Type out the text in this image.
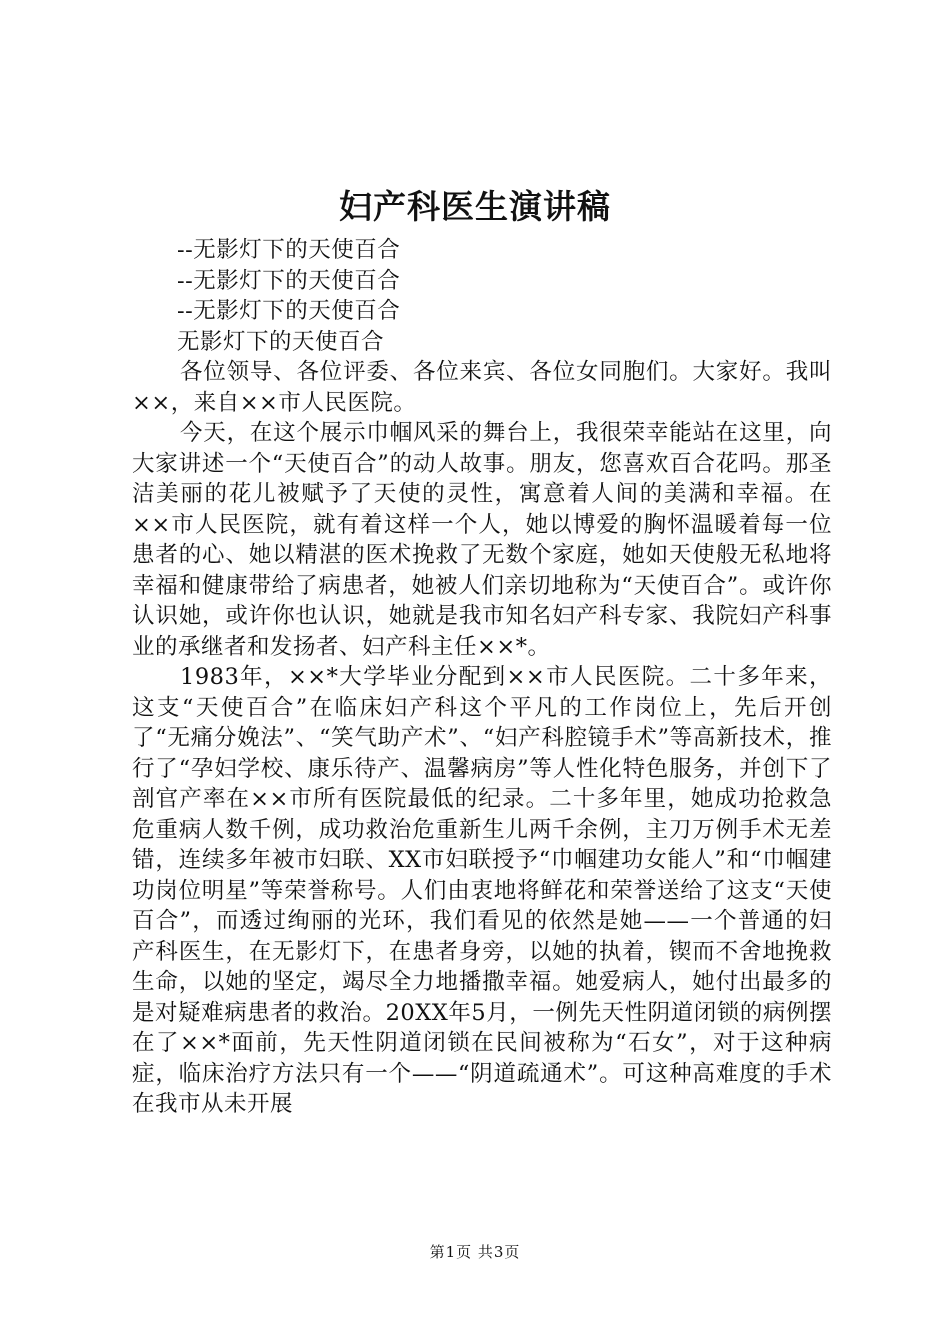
妇产科医生演讲稿

--无影灯下的天使百合

--无影灯下的天使百合

--无影灯下的天使百合

无影灯下的天使百合

各位领导、各位评委、各位来宾、各位女同胞们。大家好。我叫××，来自××市人民医院。

今天，在这个展示巾帼风采的舞台上，我很荣幸能站在这里，向大家讲述一个“天使百合”的动人故事。朋友，您喜欢百合花吗。那圣洁美丽的花儿被赋予了天使的灵性，寓意着人间的美满和幸福。在××市人民医院，就有着这样一个人，她以博爱的胸怀温暖着每一位患者的心、她以精湛的医术挽救了无数个家庭，她如天使般无私地将幸福和健康带给了病患者，她被人们亲切地称为“天使百合”。或许你认识她，或许你也认识，她就是我市知名妇产科专家、我院妇产科事业的承继者和发扬者、妇产科主任××*。

1983年，××*大学毕业分配到××市人民医院。二十多年来，这支“天使百合”在临床妇产科这个平凡的工作岗位上，先后开创了“无痛分娩法”、“笑气助产术”、“妇产科腔镜手术”等高新技术，推行了“孕妇学校、康乐待产、温馨病房”等人性化特色服务，并创下了剖官产率在××市所有医院最低的纪录。二十多年里，她成功抢救急危重病人数千例，成功救治危重新生儿两千余例，主刀万例手术无差错，连续多年被市妇联、XX市妇联授予“巾帼建功女能人”和“巾帼建功岗位明星”等荣誉称号。人们由衷地将鲜花和荣誉送给了这支“天使百合”，而透过绚丽的光环，我们看见的依然是她——一个普通的妇产科医生，在无影灯下，在患者身旁，以她的执着，锲而不舍地挽救生命，以她的坚定，竭尽全力地播撒幸福。她爱病人，她付出最多的是对疑难病患者的救治。20XX年5月，一例先天性阴道闭锁的病例摆在了××*面前，先天性阴道闭锁在民间被称为“石女”，对于这种病症，临床治疗方法只有一个——“阴道疏通术”。可这种高难度的手术在我市从未开展

第1页 共3页
